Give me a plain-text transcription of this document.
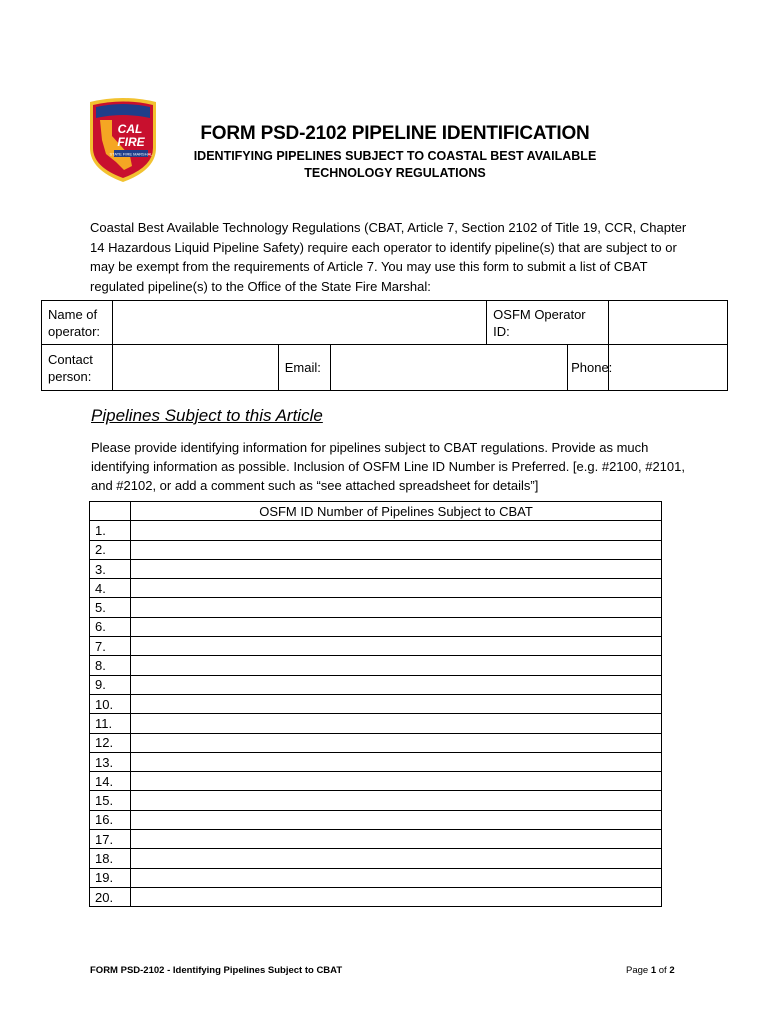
CAL
FIRE
STATE FIRE MARSHAL
FORM PSD-2102 PIPELINE IDENTIFICATION
IDENTIFYING PIPELINES SUBJECT TO COASTAL BEST AVAILABLE
TECHNOLOGY REGULATIONS
Coastal Best Available Technology Regulations (CBAT, Article 7, Section 2102 of Title 19, CCR, Chapter 14 Hazardous Liquid Pipeline Safety) require each operator to identify pipeline(s) that are subject to or may be exempt from the requirements of Article 7. You may use this form to submit a list of CBAT regulated pipeline(s) to the Office of the State Fire Marshal:
Name of operator:				OSFM Operator ID:		
Contact person:		Email:			Phone:	
Pipelines Subject to this Article
Please provide identifying information for pipelines subject to CBAT regulations. Provide as much identifying information as possible. Inclusion of OSFM Line ID Number is Preferred. [e.g. #2100, #2101, and #2102, or add a comment such as “see attached spreadsheet for details”]
	OSFM ID Number of Pipelines Subject to CBAT
1.	
2.	
3.	
4.	
5.	
6.	
7.	
8.	
9.	
10.	
11.	
12.	
13.	
14.	
15.	
16.	
17.	
18.	
19.	
20.	
FORM PSD-2102 - Identifying Pipelines Subject to CBAT	Page 1 of 2
